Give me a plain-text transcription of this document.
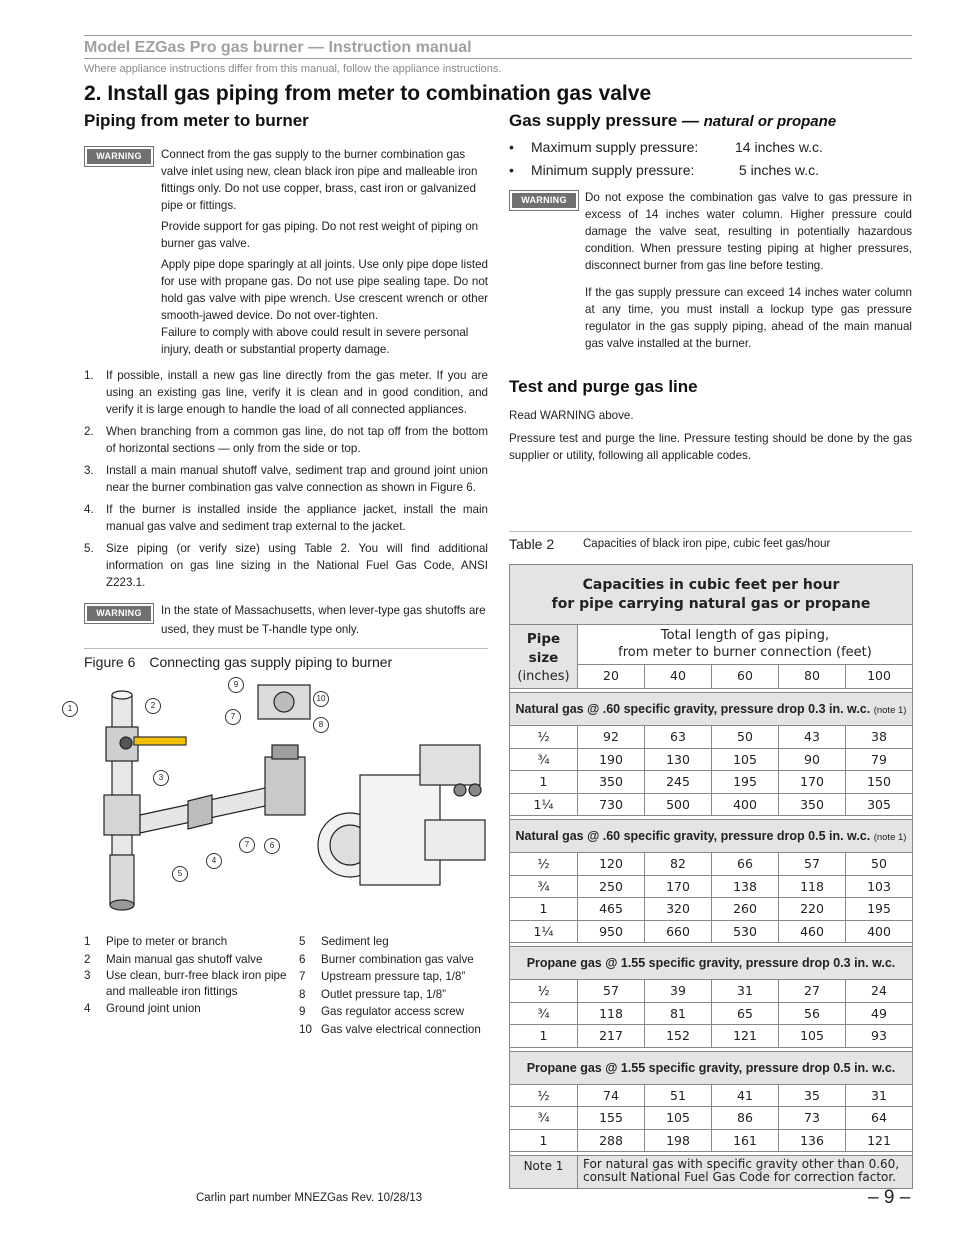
Model EZGas Pro gas burner — Instruction manual
Where appliance instructions differ from this manual, follow the appliance instructions.
2. Install gas piping from meter to combination gas valve
Piping from meter to burner
WARNING	Connect from the gas supply to the burner combination gas valve inlet using new, clean black iron pipe and malleable iron fittings only. Do not use copper, brass, cast iron or galvanized pipe or fittings.

Provide support for gas piping. Do not rest weight of piping on burner gas valve.

Apply pipe dope sparingly at all joints. Use only pipe dope listed for use with propane gas. Do not use pipe sealing tape. Do not hold gas valve with pipe wrench. Use crescent wrench or other smooth-jawed device. Do not over-tighten.

Failure to comply with above could result in severe personal injury, death or substantial property damage.

1. If possible, install a new gas line directly from the gas meter. If you are using an existing gas line, verify it is clean and in good condition, and verify it is large enough to handle the load of all connected appliances.
2. When branching from a common gas line, do not tap off from the bottom of horizontal sections — only from the side or top.
3. Install a main manual shutoff valve, sediment trap and ground joint union near the burner combination gas valve connection as shown in Figure 6.
4. If the burner is installed inside the appliance jacket, install the main manual gas valve and sediment trap external to the jacket.
5. Size piping (or verify size) using Table 2. You will find additional information on gas line sizing in the National Fuel Gas Code, ANSI Z223.1.
WARNING	In the state of Massachusetts, when lever-type gas shutoffs are used, they must be T-handle type only.
Figure 6 Connecting gas supply piping to burner
1	2
3
4
5
6
7
7
8
9
10
1	Pipe to meter or branch
2	Main manual gas shutoff valve
3	Use clean, burr-free black iron pipe and malleable iron fittings
4	Ground joint union
5	Sediment leg
6	Burner combination gas valve
7	Upstream pressure tap, 1/8”
8	Outlet pressure tap, 1/8”
9	Gas regulator access screw
10 Gas valve electrical connection
Gas supply pressure — natural or propane
•	Maximum supply pressure:	14 inches w.c.
•	Minimum supply pressure:	5 inches w.c.
WARNING	Do not expose the combination gas valve to gas pressure in excess of 14 inches water column. Higher pressure could damage the valve seat, resulting in potentially hazardous condition. When pressure testing piping at higher pressures, disconnect burner from gas line before testing.

If the gas supply pressure can exceed 14 inches water column at any time, you must install a lockup type gas pressure regulator in the gas supply piping, ahead of the main manual gas valve installed at the burner.

Test and purge gas line

Read WARNING above.

Pressure test and purge the line. Pressure testing should be done by the gas supplier or utility, following all applicable codes.

Table 2	Capacities of black iron pipe, cubic feet gas/hour
Capacities in cubic feet per hour
for pipe carrying natural gas or propane
Pipe size
(inches)
Total length of gas piping,
from meter to burner connection (feet)
20	40	60	80	100
Natural gas @ .60 specific gravity, pressure drop 0.3 in. w.c. (note 1)
½	92	63	50	43	38
¾	190	130	105	90	79
1	350	245	195	170	150
1¼	730	500	400	350	305
Natural gas @ .60 specific gravity, pressure drop 0.5 in. w.c. (note 1)
½	120	82	66	57	50
¾	250	170	138	118	103
1	465	320	260	220	195
1¼	950	660	530	460	400
Propane gas @ 1.55 specific gravity, pressure drop 0.3 in. w.c.
½	57	39	31	27	24
¾	118	81	65	56	49
1	217	152	121	105	93
Propane gas @ 1.55 specific gravity, pressure drop 0.5 in. w.c.
½	74	51	41	35	31
¾	155	105	86	73	64
1	288	198	161	136	121
Note 1	For natural gas with specific gravity other than 0.60, consult National Fuel Gas Code for correction factor.
Carlin part number MNEZGas Rev. 10/28/13	– 9 –
